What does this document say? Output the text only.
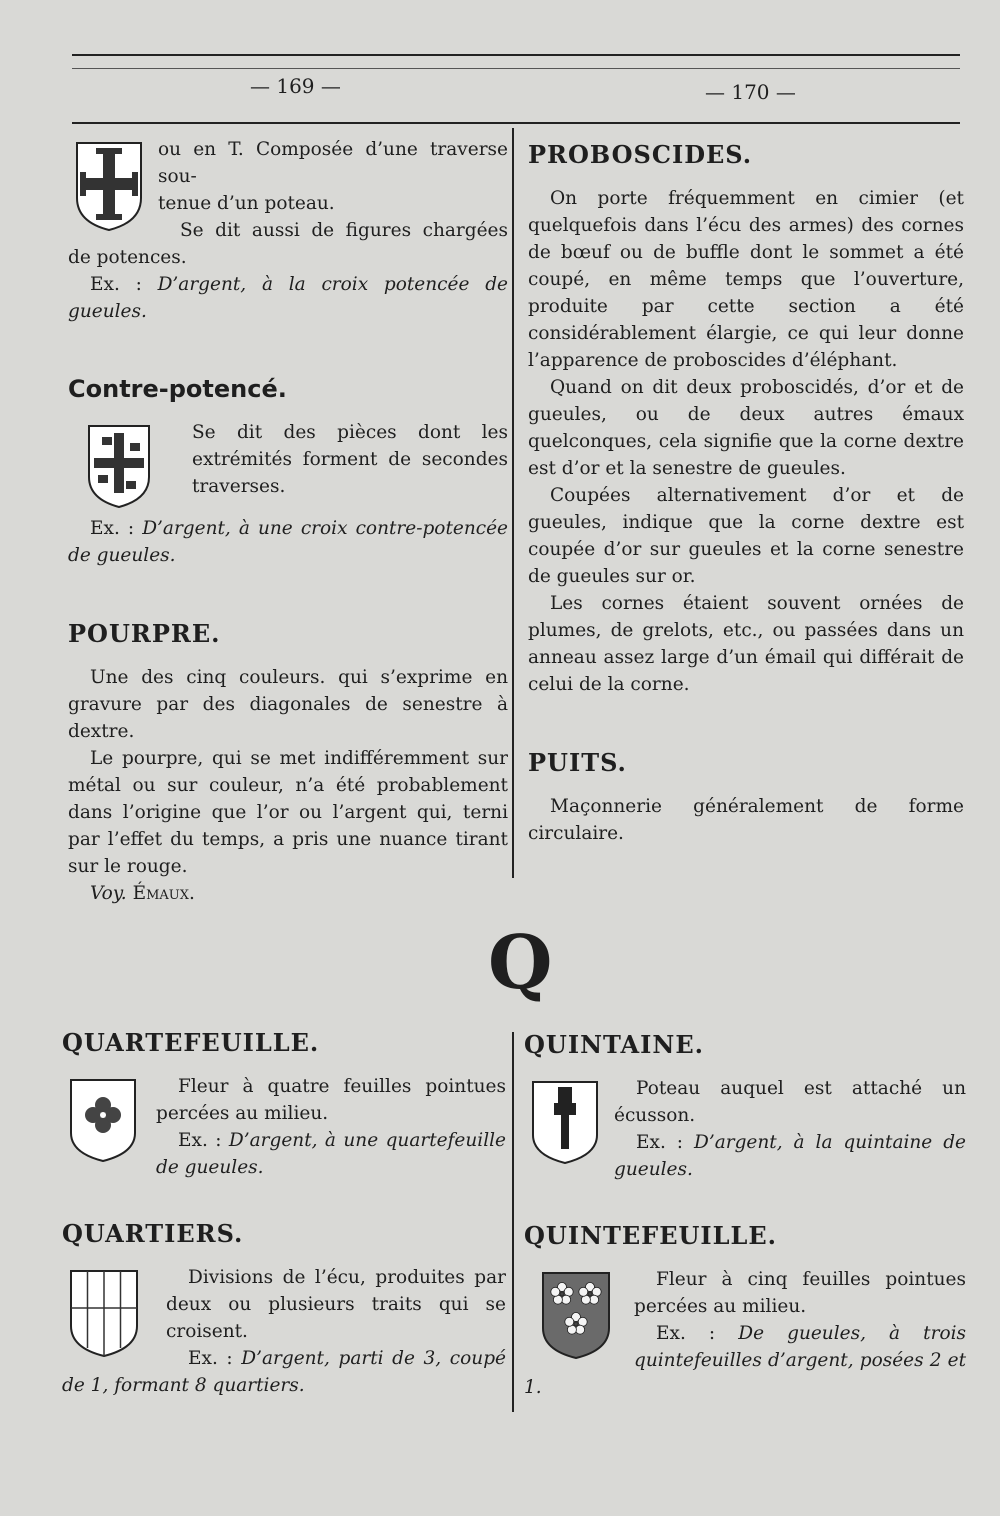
— 169 —	— 170 —

ou en T. Composée d’une traverse sou-

tenue d’un poteau.

Se dit aussi de figures chargées de potences.

Ex. : D’argent, à la croix potencée de gueules.

Contre-potencé.

Se dit des pièces dont les extrémités forment de secondes traverses.

Ex. : D’argent, à une croix contre-potencée de gueules.

POURPRE.

Une des cinq couleurs. qui s’exprime en gravure par des diagonales de senestre à dextre.

Le pourpre, qui se met indifféremment sur métal ou sur couleur, n’a été probablement dans l’origine que l’or ou l’argent qui, terni par l’effet du temps, a pris une nuance tirant sur le rouge.

Voy. Émaux.

PROBOSCIDES.

On porte fréquemment en cimier (et quelquefois dans l’écu des armes) des cornes de bœuf ou de buffle dont le sommet a été coupé, en même temps que l’ouverture, produite par cette section a été considérablement élargie, ce qui leur donne l’apparence de proboscides d’éléphant.

Quand on dit deux proboscidés, d’or et de gueules, ou de deux autres émaux quelconques, cela signifie que la corne dextre est d’or et la senestre de gueules.

Coupées alternativement d’or et de gueules, indique que la corne dextre est coupée d’or sur gueules et la corne senestre de gueules sur or.

Les cornes étaient souvent ornées de plumes, de grelots, etc., ou passées dans un anneau assez large d’un émail qui différait de celui de la corne.

PUITS.

Maçonnerie généralement de forme circulaire.

Q
QUARTEFEUILLE.

Fleur à quatre feuilles pointues percées au milieu.

Ex. : D’argent, à une quartefeuille de gueules.

QUARTIERS.

Divisions de l’écu, produites par deux ou plusieurs traits qui se croisent.

Ex. : D’argent, parti de 3, coupé de 1, formant 8 quartiers.

QUINTAINE.

Poteau auquel est attaché un écusson.

Ex. : D’argent, à la quintaine de gueules.

QUINTEFEUILLE.

Fleur à cinq feuilles pointues percées au milieu.

Ex. : De gueules, à trois quintefeuilles d’argent, posées 2 et 1.
